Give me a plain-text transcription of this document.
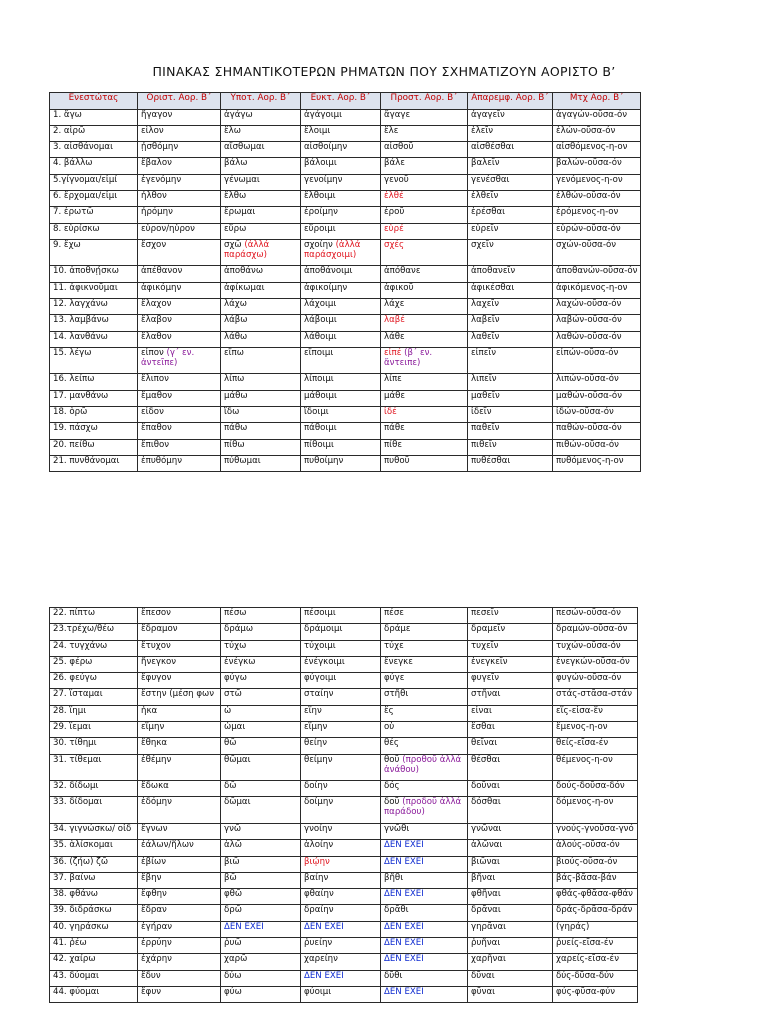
ΠΙΝΑΚΑΣ ΣΗΜΑΝΤΙΚΟΤΕΡΩΝ ΡΗΜΑΤΩΝ ΠΟΥ ΣΧΗΜΑΤΙΖΟΥΝ ΑΟΡΙΣΤΟ Β’
Ενεστώτας	Οριστ. Αορ. Β΄	Υποτ. Αορ. Β΄	Ευκτ. Αορ. Β΄	Προστ. Αορ. Β΄	Απαρεμφ. Αορ. Β΄	Μτχ Αορ. Β΄
1. ἄγω	ἤγαγον	ἀγάγω	ἀγάγοιμι	ἄγαγε	ἀγαγεῖν	ἀγαγών-οῦσα-όν
2. αἱρῶ	εἷλον	ἕλω	ἕλοιμι	ἕλε	ἑλεῖν	ἑλών-οῦσα-όν
3. αἰσθάνομαι	ᾐσθόμην	αἴσθωμαι	αἰσθοίμην	αἰσθοῦ	αἰσθέσθαι	αἰσθόμενος-η-ον
4. βάλλω	ἔβαλον	βάλω	βάλοιμι	βάλε	βαλεῖν	βαλών-οῦσα-όν
5.γίγνομαι/εἰμί	ἐγενόμην	γένωμαι	γενοίμην	γενοῦ	γενέσθαι	γενόμενος-η-ον
6. ἔρχομαι/εἶμι	ἦλθον	ἔλθω	ἔλθοιμι	ἐλθέ	ἐλθεῖν	ἐλθών-οῦσα-όν
7. ἐρωτῶ	ἠρόμην	ἔρωμαι	ἐροίμην	ἐροῦ	ἐρέσθαι	ἐρόμενος-η-ον
8. εὑρίσκω	εὗρον/ηὗρον	εὕρω	εὕροιμι	εὑρέ	εὑρεῖν	εὑρών-οῦσα-όν
9. ἔχω	ἔσχον	σχῶ (ἀλλά παράσχω)	σχοίην (ἀλλά παράσχοιμι)	σχές	σχεῖν	σχών-οῦσα-όν
10. ἀποθνῄσκω	ἀπέθανον	ἀποθάνω	ἀποθάνοιμι	ἀπόθανε	ἀποθανεῖν	ἀποθανών-οῦσα-όν
11. ἀφικνοῦμαι	ἀφικόμην	ἀφίκωμαι	ἀφικοίμην	ἀφικοῦ	ἀφικέσθαι	ἀφικόμενος-η-ον
12. λαγχάνω	ἔλαχον	λάχω	λάχοιμι	λάχε	λαχεῖν	λαχών-οῦσα-όν
13. λαμβάνω	ἔλαβον	λάβω	λάβοιμι	λαβέ	λαβεῖν	λαβών-οῦσα-όν
14. λανθάνω	ἔλαθον	λάθω	λάθοιμι	λάθε	λαθεῖν	λαθών-οῦσα-όν
15. λέγω	εἶπον (γ΄ εν. ἀντεῖπε)	εἴπω	εἴποιμι	εἰπέ (β΄ εν. ἄντειπε)	εἰπεῖν	εἰπών-οῦσα-όν
16. λείπω	ἔλιπον	λίπω	λίποιμι	λίπε	λιπεῖν	λιπών-οῦσα-όν
17. μανθάνω	ἔμαθον	μάθω	μάθοιμι	μάθε	μαθεῖν	μαθών-οῦσα-όν
18. ὁρῶ	εἶδον	ἴδω	ἴδοιμι	ἰδέ	ἰδεῖν	ἰδών-οῦσα-όν
19. πάσχω	ἔπαθον	πάθω	πάθοιμι	πάθε	παθεῖν	παθών-οῦσα-όν
20. πείθω	ἔπιθον	πίθω	πίθοιμι	πίθε	πιθεῖν	πιθών-οῦσα-όν
21. πυνθάνομαι	ἐπυθόμην	πύθωμαι	πυθοίμην	πυθοῦ	πυθέσθαι	πυθόμενος-η-ον
22. πίπτω	ἔπεσον	πέσω	πέσοιμι	πέσε	πεσεῖν	πεσών-οῦσα-όν
23.τρέχω/θέω	ἔδραμον	δράμω	δράμοιμι	δράμε	δραμεῖν	δραμών-οῦσα-όν
24. τυγχάνω	ἔτυχον	τύχω	τύχοιμι	τύχε	τυχεῖν	τυχών-οῦσα-όν
25. φέρω	ἤνεγκον	ἐνέγκω	ἐνέγκοιμι	ἔνεγκε	ἐνεγκεῖν	ἐνεγκών-οῦσα-όν
26. φεύγω	ἔφυγον	φύγω	φύγοιμι	φύγε	φυγεῖν	φυγών-οῦσα-όν
27. ἵσταμαι	ἔστην (μέση φων	στῶ	σταίην	στῆθι	στῆναι	στάς-στᾶσα-στάν
28. ἵημι	ἧκα	ὧ	εἵην	ἕς	εἶναι	εἵς-εἶσα-ἕν
29. ἵεμαι	εἵμην	ὧμαι	εἵμην	οὗ	ἕσθαι	ἕμενος-η-ον
30. τίθημι	ἔθηκα	θῶ	θείην	θές	θεῖναι	θείς-εῖσα-έν
31. τίθεμαι	ἐθέμην	θῶμαι	θείμην	θοῦ (προθοῦ ἀλλά ἀνάθου)	θέσθαι	θέμενος-η-ον
32. δίδωμι	ἔδωκα	δῶ	δοίην	δός	δοῦναι	δούς-δοῦσα-δόν
33. δίδομαι	ἐδόμην	δῶμαι	δοίμην	δοῦ (προδοῦ ἀλλά παράδου)	δόσθαι	δόμενος-η-ον
34. γιγνώσκω/ οἶδ	ἔγνων	γνῶ	γνοίην	γνῶθι	γνῶναι	γνούς-γνοῦσα-γνό
35. ἁλίσκομαι	ἑάλων/ἥλων	ἁλῶ	ἁλοίην	ΔΕΝ ΕΧΕΙ	ἁλῶναι	ἁλούς-οῦσα-όν
36. (ζήω) ζῶ	ἐβίων	βιῶ	βιῴην	ΔΕΝ ΕΧΕΙ	βιῶναι	βιούς-οῦσα-όν
37. βαίνω	ἔβην	βῶ	βαίην	βῆθι	βῆναι	βάς-βᾶσα-βάν
38. φθάνω	ἔφθην	φθῶ	φθαίην	ΔΕΝ ΕΧΕΙ	φθῆναι	φθάς-φθᾶσα-φθάν
39. διδράσκω	ἔδραν	δρῶ	δραίην	δρᾶθι	δρᾶναι	δράς-δρᾶσα-δράν
40. γηράσκω	ἐγήραν	ΔΕΝ ΕΧΕΙ	ΔΕΝ ΕΧΕΙ	ΔΕΝ ΕΧΕΙ	γηρᾶναι	(γηράς)
41. ῥέω	ἐρρύην	ῥυῶ	ῥυείην	ΔΕΝ ΕΧΕΙ	ῥυῆναι	ῥυείς-εῖσα-έν
42. χαίρω	ἐχάρην	χαρῶ	χαρείην	ΔΕΝ ΕΧΕΙ	χαρῆναι	χαρείς-εῖσα-έν
43. δύομαι	ἔδυν	δύω	ΔΕΝ ΕΧΕΙ	δῦθι	δῦναι	δύς-δῦσα-δύν
44. φύομαι	ἔφυν	φύω	φύοιμι	ΔΕΝ ΕΧΕΙ	φῦναι	φύς-φῦσα-φύν
